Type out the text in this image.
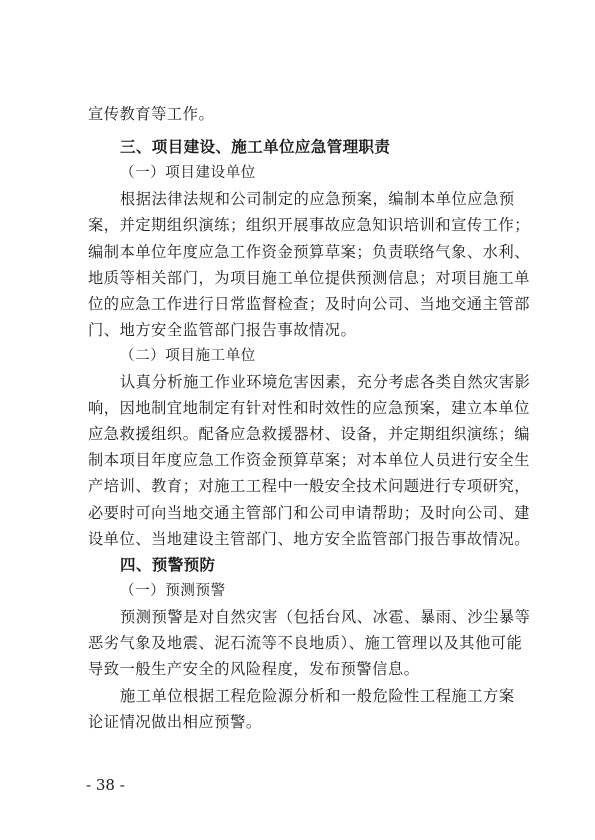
宣传教育等工作。
三、项目建设、施工单位应急管理职责
（一）项目建设单位
根据法律法规和公司制定的应急预案，编制本单位应急预
案，并定期组织演练；组织开展事故应急知识培训和宣传工作；
编制本单位年度应急工作资金预算草案；负责联络气象、水利、
地质等相关部门，为项目施工单位提供预测信息；对项目施工单
位的应急工作进行日常监督检查；及时向公司、当地交通主管部
门、地方安全监管部门报告事故情况。
（二）项目施工单位
认真分析施工作业环境危害因素，充分考虑各类自然灾害影
响，因地制宜地制定有针对性和时效性的应急预案，建立本单位
应急救援组织。配备应急救援器材、设备，并定期组织演练；编
制本项目年度应急工作资金预算草案；对本单位人员进行安全生
产培训、教育；对施工工程中一般安全技术问题进行专项研究，
必要时可向当地交通主管部门和公司申请帮助；及时向公司、建
设单位、当地建设主管部门、地方安全监管部门报告事故情况。
四、预警预防
（一）预测预警
预测预警是对自然灾害（包括台风、冰雹、暴雨、沙尘暴等
恶劣气象及地震、泥石流等不良地质）、施工管理以及其他可能
导致一般生产安全的风险程度，发布预警信息。
施工单位根据工程危险源分析和一般危险性工程施工方案
论证情况做出相应预警。
- 38 -
